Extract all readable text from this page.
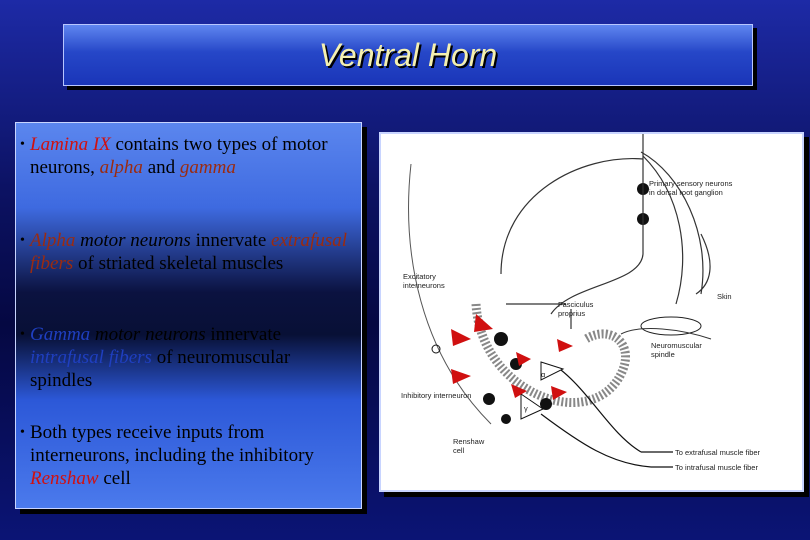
Ventral Horn
• Lamina IX contains two types of motor neurons, alpha and gamma
• Alpha motor neurons innervate extrafusal fibers of striated skeletal muscles
• Gamma motor neurons innervate intrafusal fibers of neuromuscular spindles
• Both types receive inputs from interneurons, including the inhibitory Renshaw cell
α
γ
Primary sensory neurons
in dorsal root ganglion
Excitatory
interneurons
Fasciculus
proprius
Skin
Neuromuscular
spindle
Inhibitory interneuron
Renshaw
cell	To extrafusal muscle fiber
To intrafusal muscle fiber
